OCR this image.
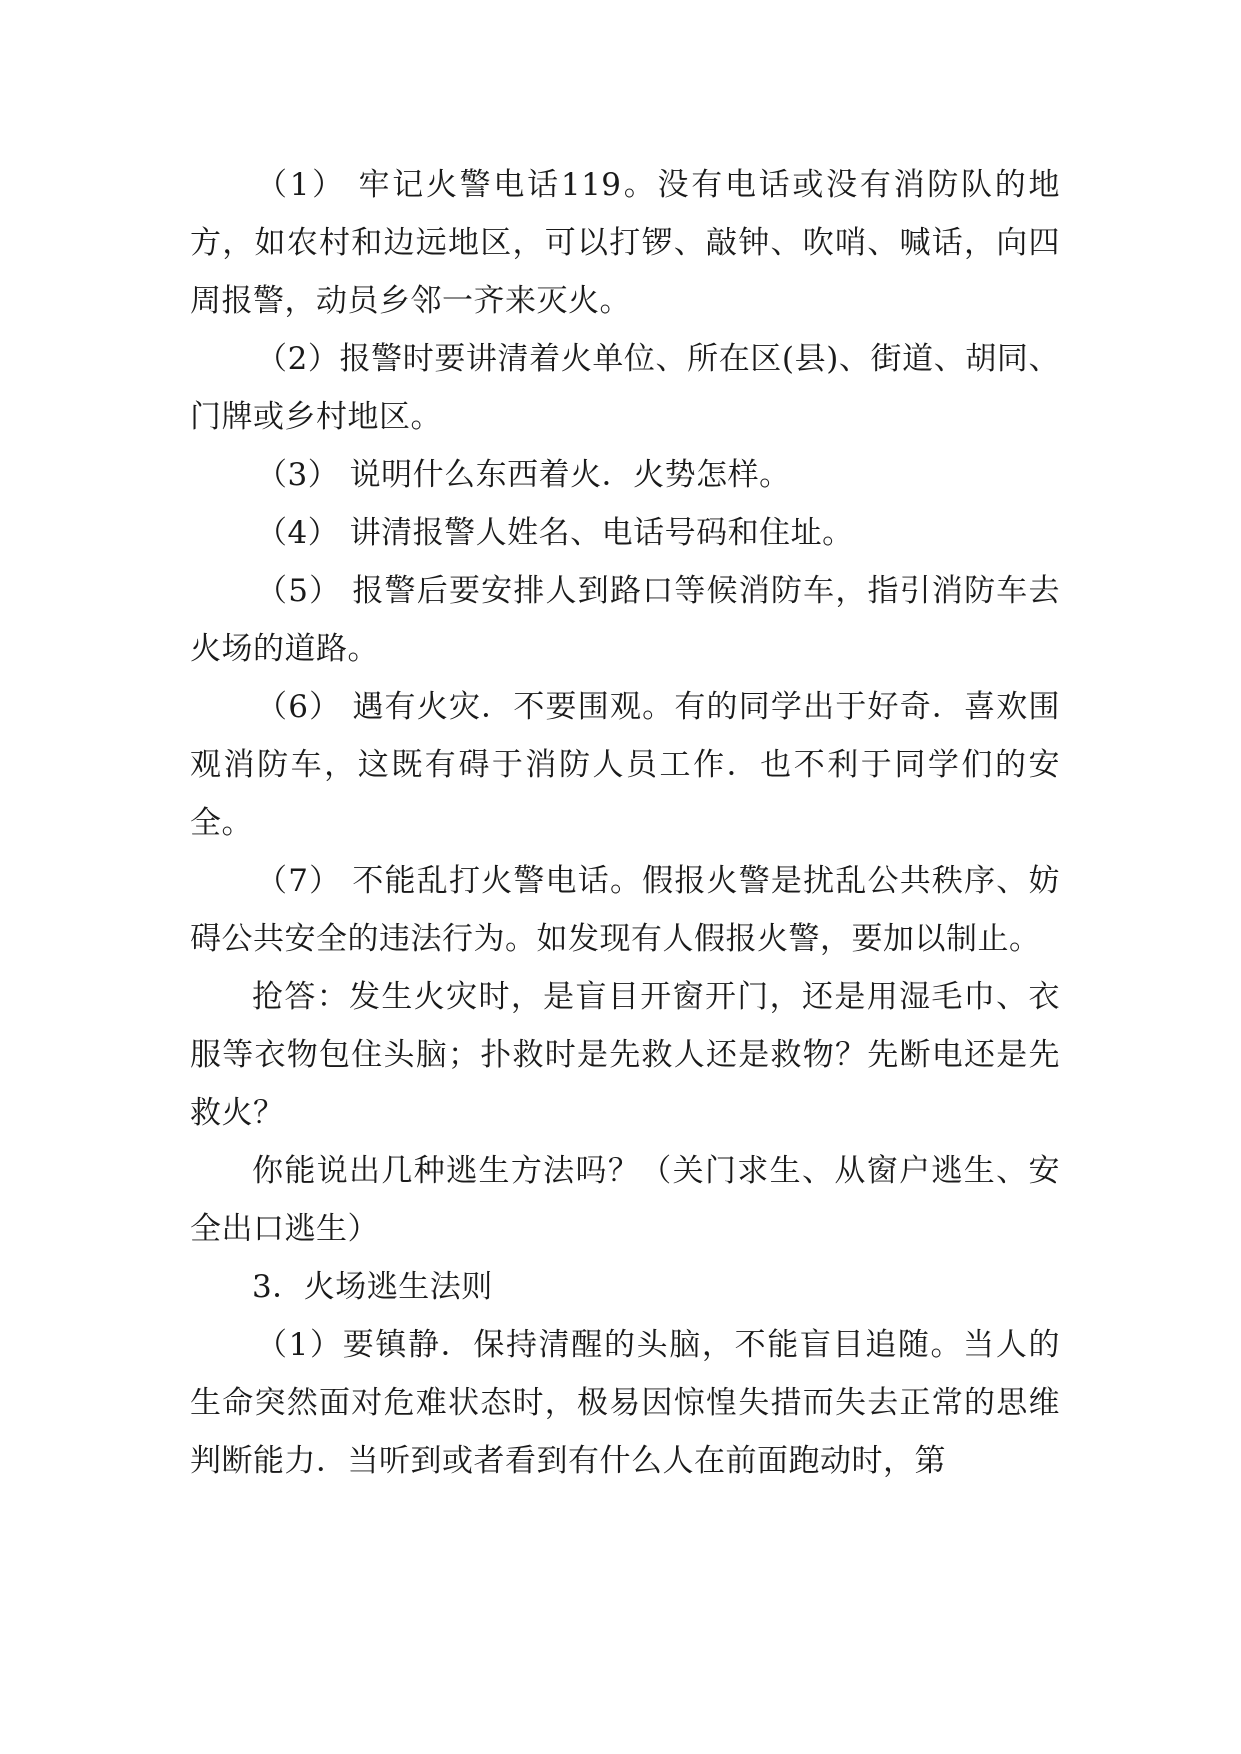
（1） 牢记火警电话119。没有电话或没有消防队的地方，如农村和边远地区，可以打锣、敲钟、吹哨、喊话，向四周报警，动员乡邻一齐来灭火。

（2）报警时要讲清着火单位、所在区(县)、街道、胡同、门牌或乡村地区。

（3） 说明什么东西着火．火势怎样。

（4） 讲清报警人姓名、电话号码和住址。

（5） 报警后要安排人到路口等候消防车，指引消防车去火场的道路。

（6） 遇有火灾．不要围观。有的同学出于好奇．喜欢围观消防车，这既有碍于消防人员工作．也不利于同学们的安全。

（7） 不能乱打火警电话。假报火警是扰乱公共秩序、妨碍公共安全的违法行为。如发现有人假报火警，要加以制止。

抢答：发生火灾时，是盲目开窗开门，还是用湿毛巾、衣服等衣物包住头脑；扑救时是先救人还是救物？先断电还是先救火？

你能说出几种逃生方法吗？（关门求生、从窗户逃生、安全出口逃生）

3．火场逃生法则

（1）要镇静．保持清醒的头脑，不能盲目追随。当人的生命突然面对危难状态时，极易因惊惶失措而失去正常的思维判断能力．当听到或者看到有什么人在前面跑动时，第
